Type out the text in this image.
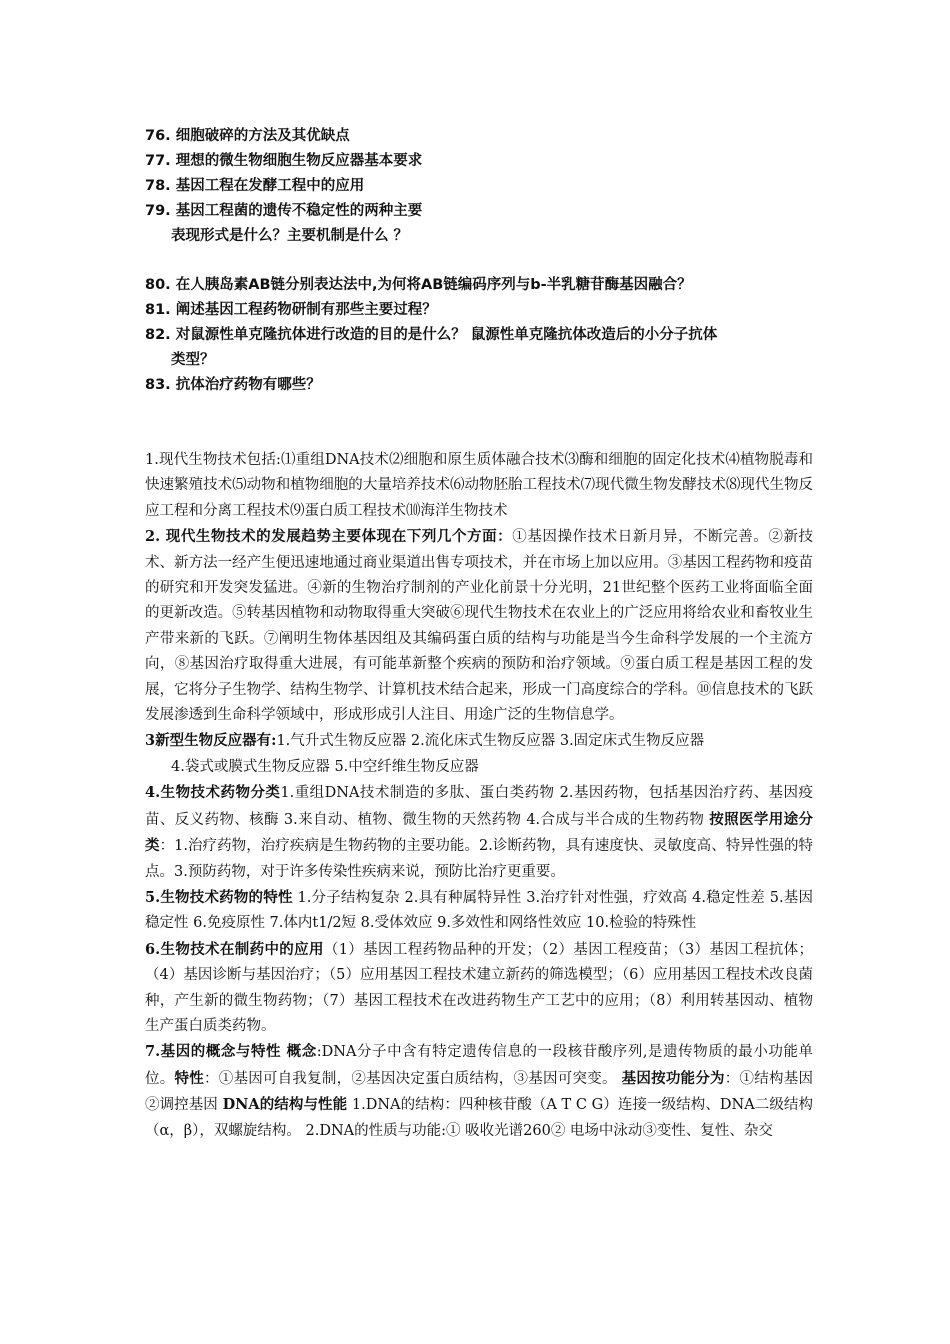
76. 细胞破碎的方法及其优缺点
77. 理想的微生物细胞生物反应器基本要求
78. 基因工程在发酵工程中的应用
79. 基因工程菌的遗传不稳定性的两种主要
表现形式是什么？主要机制是什么 ？
80. 在人胰岛素AB链分别表达法中,为何将AB链编码序列与b-半乳糖苷酶基因融合？
81. 阐述基因工程药物研制有那些主要过程？
82. 对鼠源性单克隆抗体进行改造的目的是什么？ 鼠源性单克隆抗体改造后的小分子抗体
类型？
83. 抗体治疗药物有哪些？

1.现代生物技术包括:⑴重组DNA技术⑵细胞和原生质体融合技术⑶酶和细胞的固定化技术⑷植物脱毒和快速繁殖技术⑸动物和植物细胞的大量培养技术⑹动物胚胎工程技术⑺现代微生物发酵技术⑻现代生物反应工程和分离工程技术⑼蛋白质工程技术⑽海洋生物技术

2. 现代生物技术的发展趋势主要体现在下列几个方面：①基因操作技术日新月异，不断完善。②新技术、新方法一经产生便迅速地通过商业渠道出售专项技术，并在市场上加以应用。③基因工程药物和疫苗的研究和开发突发猛进。④新的生物治疗制剂的产业化前景十分光明，21世纪整个医药工业将面临全面的更新改造。⑤转基因植物和动物取得重大突破⑥现代生物技术在农业上的广泛应用将给农业和畜牧业生产带来新的飞跃。⑦阐明生物体基因组及其编码蛋白质的结构与功能是当今生命科学发展的一个主流方向，⑧基因治疗取得重大进展，有可能革新整个疾病的预防和治疗领域。⑨蛋白质工程是基因工程的发展，它将分子生物学、结构生物学、计算机技术结合起来，形成一门高度综合的学科。⑩信息技术的飞跃发展渗透到生命科学领域中，形成形成引人注目、用途广泛的生物信息学。

3新型生物反应器有:1.气升式生物反应器 2.流化床式生物反应器 3.固定床式生物反应器
4.袋式或膜式生物反应器 5.中空纤维生物反应器

4.生物技术药物分类1.重组DNA技术制造的多肽、蛋白类药物 2.基因药物，包括基因治疗药、基因疫苗、反义药物、核酶 3.来自动、植物、微生物的天然药物 4.合成与半合成的生物药物 按照医学用途分类：1.治疗药物，治疗疾病是生物药物的主要功能。2.诊断药物，具有速度快、灵敏度高、特异性强的特点。3.预防药物，对于许多传染性疾病来说，预防比治疗更重要。

5.生物技术药物的特性 1.分子结构复杂 2.具有种属特异性 3.治疗针对性强，疗效高 4.稳定性差 5.基因稳定性 6.免疫原性 7.体内t1/2短 8.受体效应 9.多效性和网络性效应 10.检验的特殊性

6.生物技术在制药中的应用（1）基因工程药物品种的开发；（2）基因工程疫苗；（3）基因工程抗体；（4）基因诊断与基因治疗；（5）应用基因工程技术建立新药的筛选模型；（6）应用基因工程技术改良菌种，产生新的微生物药物；（7）基因工程技术在改进药物生产工艺中的应用；（8）利用转基因动、植物生产蛋白质类药物。

7.基因的概念与特性 概念:DNA分子中含有特定遗传信息的一段核苷酸序列,是遗传物质的最小功能单位。特性：①基因可自我复制，②基因决定蛋白质结构，③基因可突变。 基因按功能分为：①结构基因 ②调控基因 DNA的结构与性能 1.DNA的结构：四种核苷酸（A T C G）连接一级结构、DNA二级结构（α，β），双螺旋结构。 2.DNA的性质与功能:① 吸收光谱260② 电场中泳动③变性、复性、杂交
